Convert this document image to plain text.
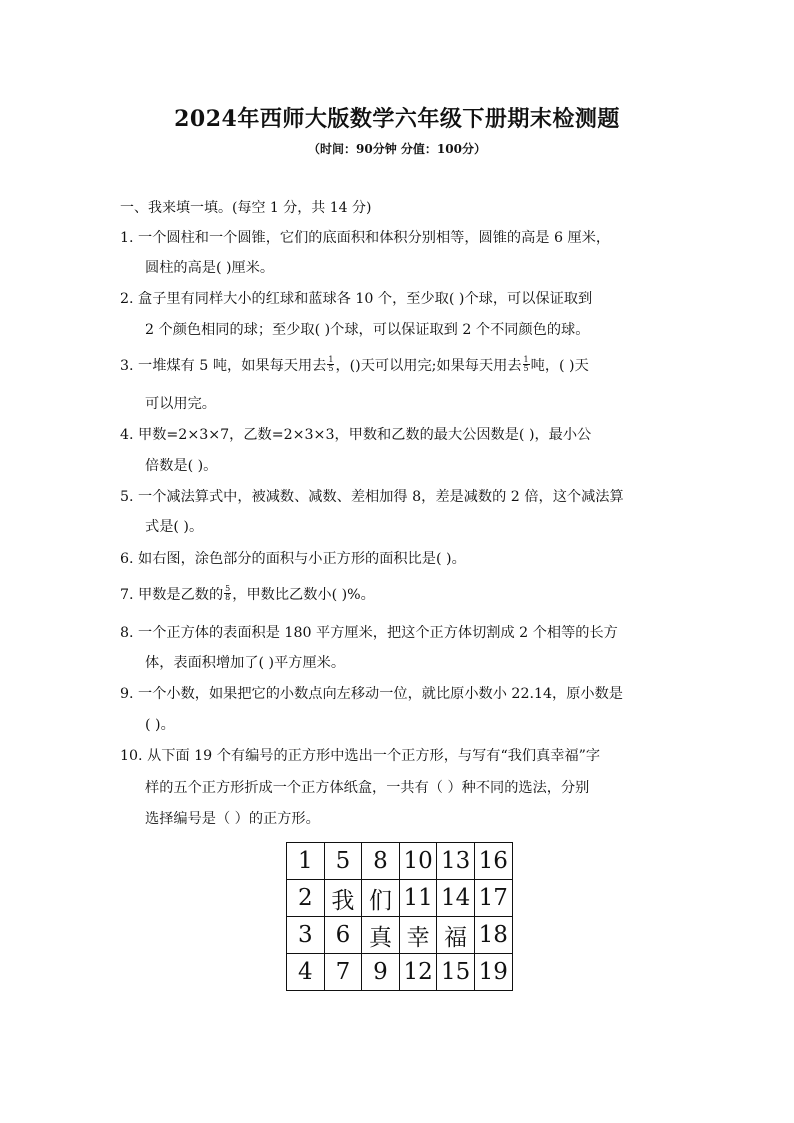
2024年西师大版数学六年级下册期末检测题
（时间：90分钟 分值：100分）
一、我来填一填。(每空 1 分，共 14 分)
1. 一个圆柱和一个圆锥，它们的底面积和体积分别相等，圆锥的高是 6 厘米，
圆柱的高是( )厘米。
2. 盒子里有同样大小的红球和蓝球各 10 个，至少取( )个球，可以保证取到
2 个颜色相同的球；至少取( )个球，可以保证取到 2 个不同颜色的球。
3. 一堆煤有 5 吨，如果每天用去 $\frac{1}{5}$ ，()天可以用完;如果每天用去 $\frac{1}{5}$ 吨，( )天
可以用完。
4. 甲数=2×3×7，乙数=2×3×3，甲数和乙数的最大公因数是( )，最小公
倍数是( )。
5. 一个减法算式中，被减数、减数、差相加得 8，差是减数的 2 倍，这个减法算
式是( )。
6. 如右图，涂色部分的面积与小正方形的面积比是( )。
7. 甲数是乙数的 $\frac{5}{8}$ ，甲数比乙数小( )%。
8. 一个正方体的表面积是 180 平方厘米，把这个正方体切割成 2 个相等的长方
体，表面积增加了( )平方厘米。
9. 一个小数，如果把它的小数点向左移动一位，就比原小数小 22.14，原小数是
( )。
10. 从下面 19 个有编号的正方形中选出一个正方形，与写有“我们真幸福”字
样的五个正方形折成一个正方体纸盒，一共有（ ）种不同的选法，分别
选择编号是（ ）的正方形。
1	5	8	10	13	16
2	我	们	11	14	17
3	6	真	幸	福	18
4	7	9	12	15	19
